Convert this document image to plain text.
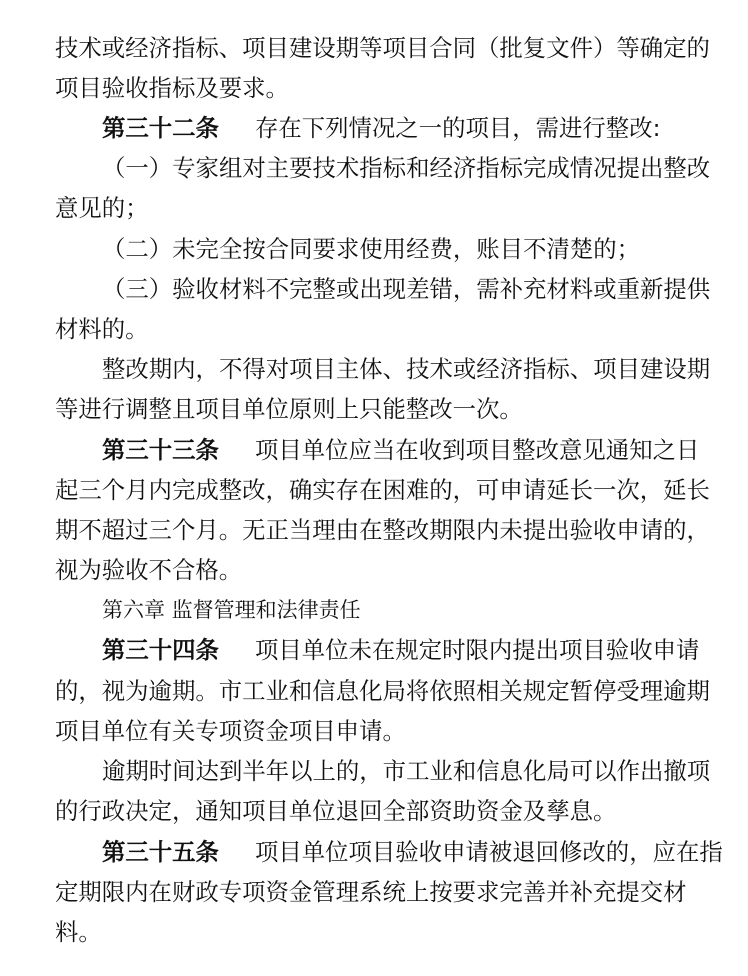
技术或经济指标、项目建设期等项目合同（批复文件）等确定的
项目验收指标及要求。
第三十二条 存在下列情况之一的项目，需进行整改:
（一）专家组对主要技术指标和经济指标完成情况提出整改
意见的；
（二）未完全按合同要求使用经费，账目不清楚的；
（三）验收材料不完整或出现差错，需补充材料或重新提供
材料的。
整改期内，不得对项目主体、技术或经济指标、项目建设期
等进行调整且项目单位原则上只能整改一次。
第三十三条 项目单位应当在收到项目整改意见通知之日
起三个月内完成整改，确实存在困难的，可申请延长一次，延长
期不超过三个月。无正当理由在整改期限内未提出验收申请的，
视为验收不合格。
第六章 监督管理和法律责任
第三十四条 项目单位未在规定时限内提出项目验收申请
的，视为逾期。市工业和信息化局将依照相关规定暂停受理逾期
项目单位有关专项资金项目申请。
逾期时间达到半年以上的，市工业和信息化局可以作出撤项
的行政决定，通知项目单位退回全部资助资金及孳息。
第三十五条 项目单位项目验收申请被退回修改的，应在指
定期限内在财政专项资金管理系统上按要求完善并补充提交材
料。
